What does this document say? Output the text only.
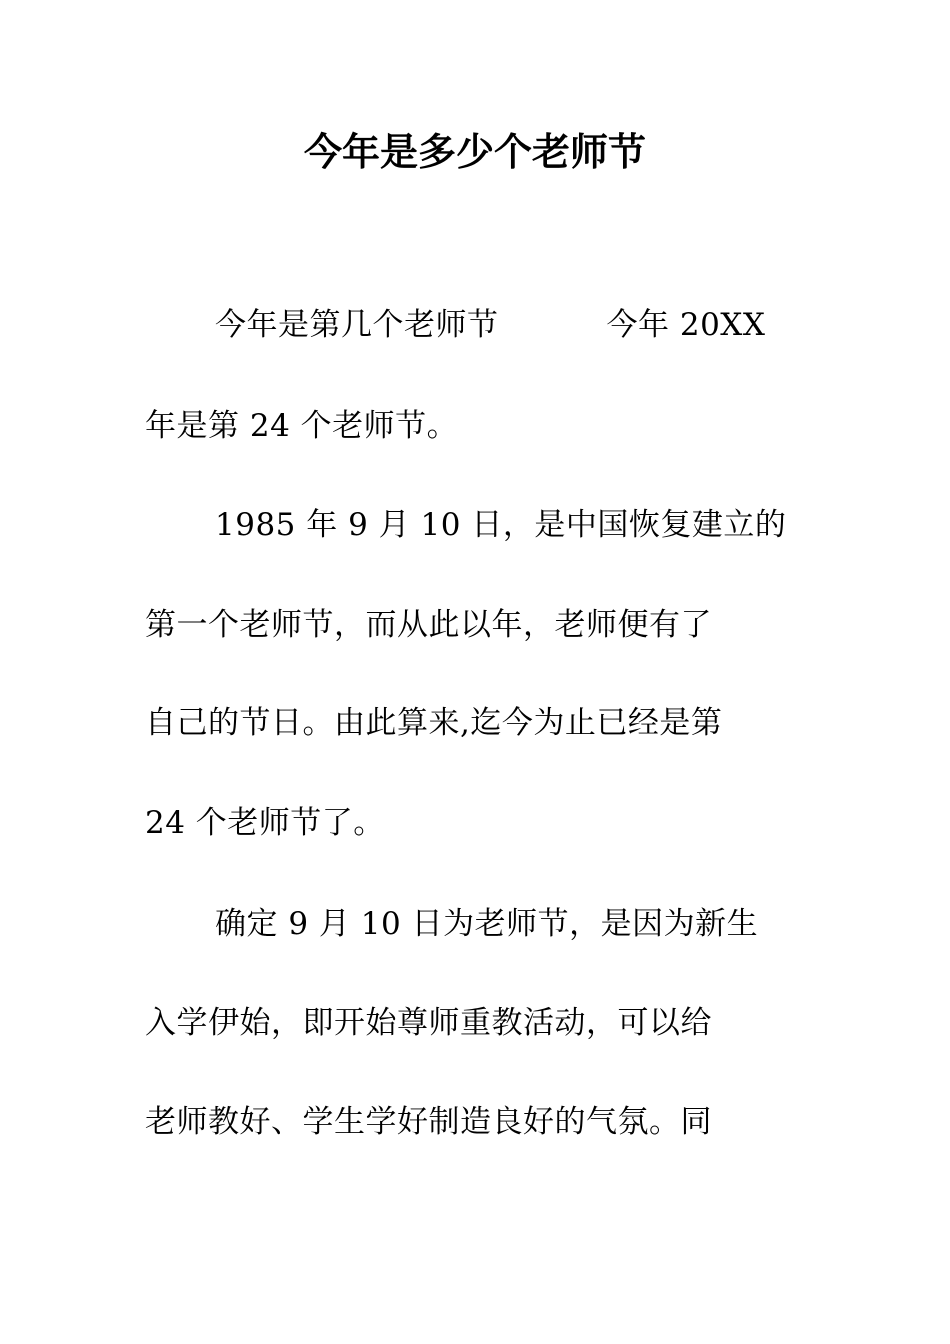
今年是多少个老师节
今年是第几个老师节	今年 20XX
年是第 24 个老师节。
1985 年 9 月 10 日，是中国恢复建立的
第一个老师节，而从此以年，老师便有了
自己的节日。由此算来,迄今为止已经是第
24 个老师节了。
确定 9 月 10 日为老师节，是因为新生
入学伊始，即开始尊师重教活动，可以给
老师教好、学生学好制造良好的气氛。同
